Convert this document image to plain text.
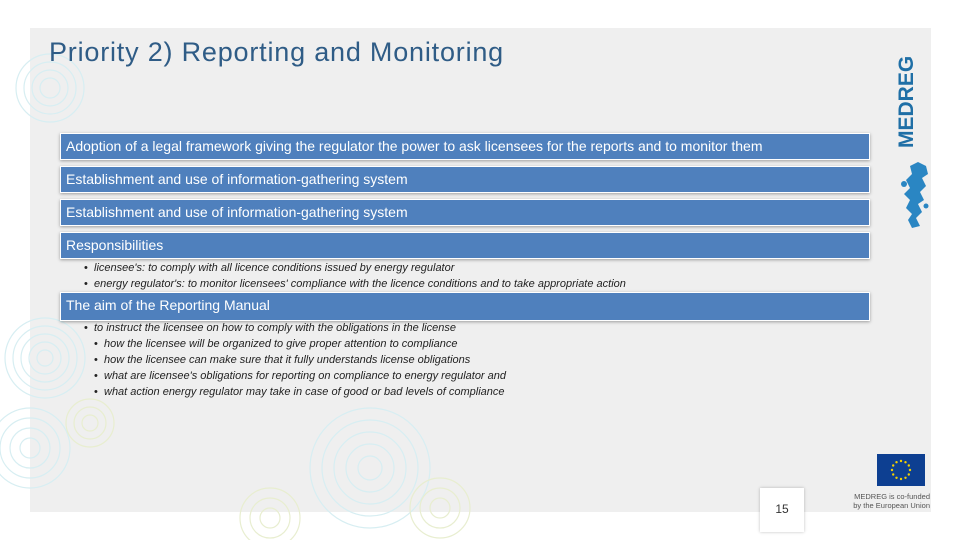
Priority 2) Reporting and Monitoring
Adoption of a legal framework giving the regulator the power to ask licensees for the reports and to monitor them
Establishment and use of information-gathering system
Establishment and use of information-gathering system
Responsibilities
• licensee's: to comply with all licence conditions issued by energy regulator
• energy regulator's: to monitor licensees' compliance with the licence conditions and to take appropriate action
The aim of the Reporting Manual
• to instruct the licensee on how to comply with the obligations in the license
• how the licensee will be organized to give proper attention to compliance
• how the licensee can make sure that it fully understands license obligations
• what are licensee's obligations for reporting on compliance to energy regulator and
• what action energy regulator may take in case of good or bad levels of compliance
MEDREG
MEDREG is co-funded
by the European Union
15
